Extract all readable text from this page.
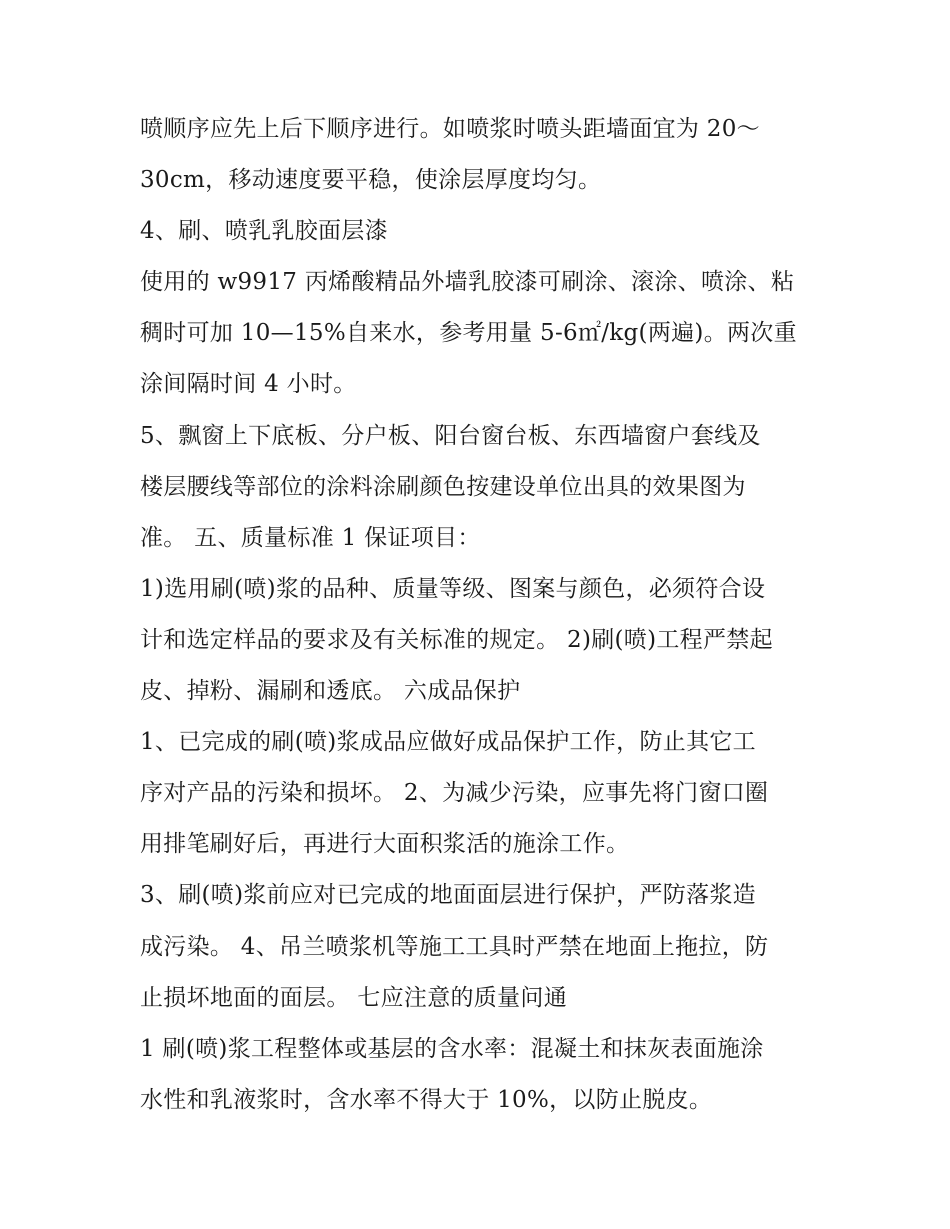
喷顺序应先上后下顺序进行。如喷浆时喷头距墙面宜为 20～
30cm，移动速度要平稳，使涂层厚度均匀。
4、刷、喷乳乳胶面层漆
使用的 w9917 丙烯酸精品外墙乳胶漆可刷涂、滚涂、喷涂、粘
稠时可加 10—15%自来水，参考用量 5-6㎡/kg(两遍)。两次重
涂间隔时间 4 小时。
5、飘窗上下底板、分户板、阳台窗台板、东西墙窗户套线及
楼层腰线等部位的涂料涂刷颜色按建设单位出具的效果图为
准。 五、质量标准 1 保证项目：
1)选用刷(喷)浆的品种、质量等级、图案与颜色，必须符合设
计和选定样品的要求及有关标准的规定。 2)刷(喷)工程严禁起
皮、掉粉、漏刷和透底。 六成品保护
1、已完成的刷(喷)浆成品应做好成品保护工作，防止其它工
序对产品的污染和损坏。 2、为减少污染，应事先将门窗口圈
用排笔刷好后，再进行大面积浆活的施涂工作。
3、刷(喷)浆前应对已完成的地面面层进行保护，严防落浆造
成污染。 4、吊兰喷浆机等施工工具时严禁在地面上拖拉，防
止损坏地面的面层。 七应注意的质量问通
1 刷(喷)浆工程整体或基层的含水率：混凝土和抹灰表面施涂
水性和乳液浆时，含水率不得大于 10%，以防止脱皮。
